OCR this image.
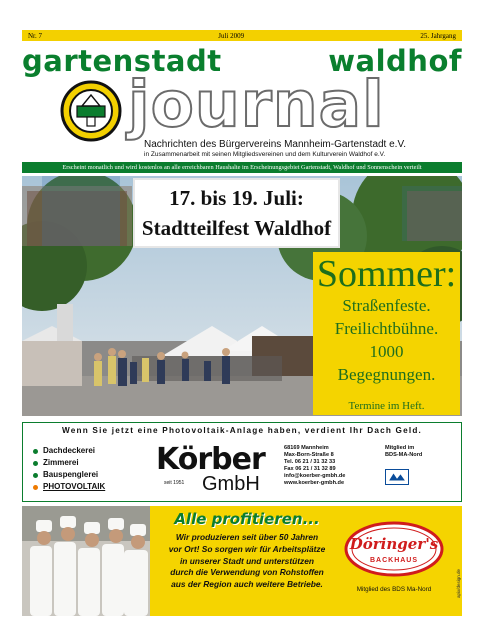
Nr. 7	Juli 2009	25. Jahrgang
gartenstadt	waldhof
journal
Nachrichten des Bürgervereins Mannheim-Gartenstadt e.V.
in Zusammenarbeit mit seinen Mitgliedsvereinen und dem Kulturverein Waldhof e.V.
Erscheint monatlich und wird kostenlos an alle erreichbaren Haushalte im Erscheinungsgebiet Gartenstadt, Waldhof und Sonnenschein verteilt
17. bis 19. Juli:
Stadtteilfest Waldhof
Sommer:
Straßenfeste.
Freilichtbühne.
1000
Begegnungen.
Termine im Heft.
Wenn Sie jetzt eine Photovoltaik-Anlage haben, verdient Ihr Dach Geld.
Dachdeckerei
Zimmerei
Bauspenglerei
PHOTOVOLTAIK
Körber
seit 1951 GmbH
68169 Mannheim
Max-Born-Straße 8
Tel. 06 21 / 31 32 33
Fax 06 21 / 31 32 89
info@koerber-gmbh.de
www.koerber-gmbh.de
Mitglied im
BDS-MA-Nord
Alle profitieren...
Wir produzieren seit über 50 Jahren
vor Ort! So sorgen wir für Arbeitsplätze
in unserer Stadt und unterstützen
durch die Verwendung von Rohstoffen
aus der Region auch weitere Betriebe.
Döringer's
BACKHAUS
Mitglied des BDS Ma-Nord	apix/design.de
